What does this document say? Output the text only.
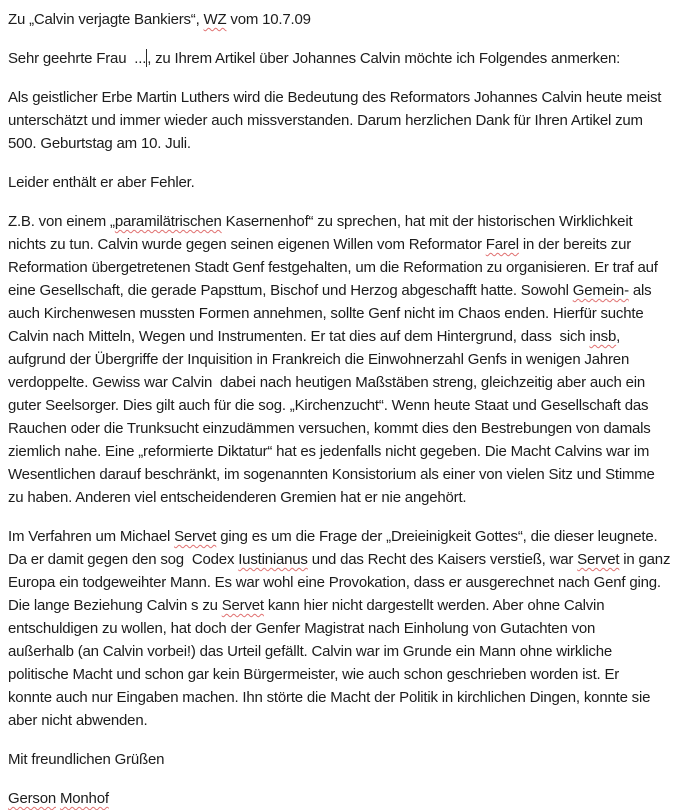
Zu „Calvin verjagte Bankiers“, WZ vom 10.7.09
Sehr geehrte Frau  ..., zu Ihrem Artikel über Johannes Calvin möchte ich Folgendes anmerken:
Als geistlicher Erbe Martin Luthers wird die Bedeutung des Reformators Johannes Calvin heute meist
unterschätzt und immer wieder auch missverstanden. Darum herzlichen Dank für Ihren Artikel zum
500. Geburtstag am 10. Juli.
Leider enthält er aber Fehler.
Z.B. von einem „paramilätrischen Kasernenhof“ zu sprechen, hat mit der historischen Wirklichkeit
nichts zu tun. Calvin wurde gegen seinen eigenen Willen vom Reformator Farel in der bereits zur
Reformation übergetretenen Stadt Genf festgehalten, um die Reformation zu organisieren. Er traf auf
eine Gesellschaft, die gerade Papsttum, Bischof und Herzog abgeschafft hatte. Sowohl Gemein- als
auch Kirchenwesen mussten Formen annehmen, sollte Genf nicht im Chaos enden. Hierfür suchte
Calvin nach Mitteln, Wegen und Instrumenten. Er tat dies auf dem Hintergrund, dass  sich insb,
aufgrund der Übergriffe der Inquisition in Frankreich die Einwohnerzahl Genfs in wenigen Jahren
verdoppelte. Gewiss war Calvin  dabei nach heutigen Maßstäben streng, gleichzeitig aber auch ein
guter Seelsorger. Dies gilt auch für die sog. „Kirchenzucht“. Wenn heute Staat und Gesellschaft das
Rauchen oder die Trunksucht einzudämmen versuchen, kommt dies den Bestrebungen von damals
ziemlich nahe. Eine „reformierte Diktatur“ hat es jedenfalls nicht gegeben. Die Macht Calvins war im
Wesentlichen darauf beschränkt, im sogenannten Konsistorium als einer von vielen Sitz und Stimme
zu haben. Anderen viel entscheidenderen Gremien hat er nie angehört.
Im Verfahren um Michael Servet ging es um die Frage der „Dreieinigkeit Gottes“, die dieser leugnete.
Da er damit gegen den sog  Codex Iustinianus und das Recht des Kaisers verstieß, war Servet in ganz
Europa ein todgeweihter Mann. Es war wohl eine Provokation, dass er ausgerechnet nach Genf ging.
Die lange Beziehung Calvin s zu Servet kann hier nicht dargestellt werden. Aber ohne Calvin
entschuldigen zu wollen, hat doch der Genfer Magistrat nach Einholung von Gutachten von
außerhalb (an Calvin vorbei!) das Urteil gefällt. Calvin war im Grunde ein Mann ohne wirkliche
politische Macht und schon gar kein Bürgermeister, wie auch schon geschrieben worden ist. Er
konnte auch nur Eingaben machen. Ihn störte die Macht der Politik in kirchlichen Dingen, konnte sie
aber nicht abwenden.
Mit freundlichen Grüßen
Gerson Monhof
